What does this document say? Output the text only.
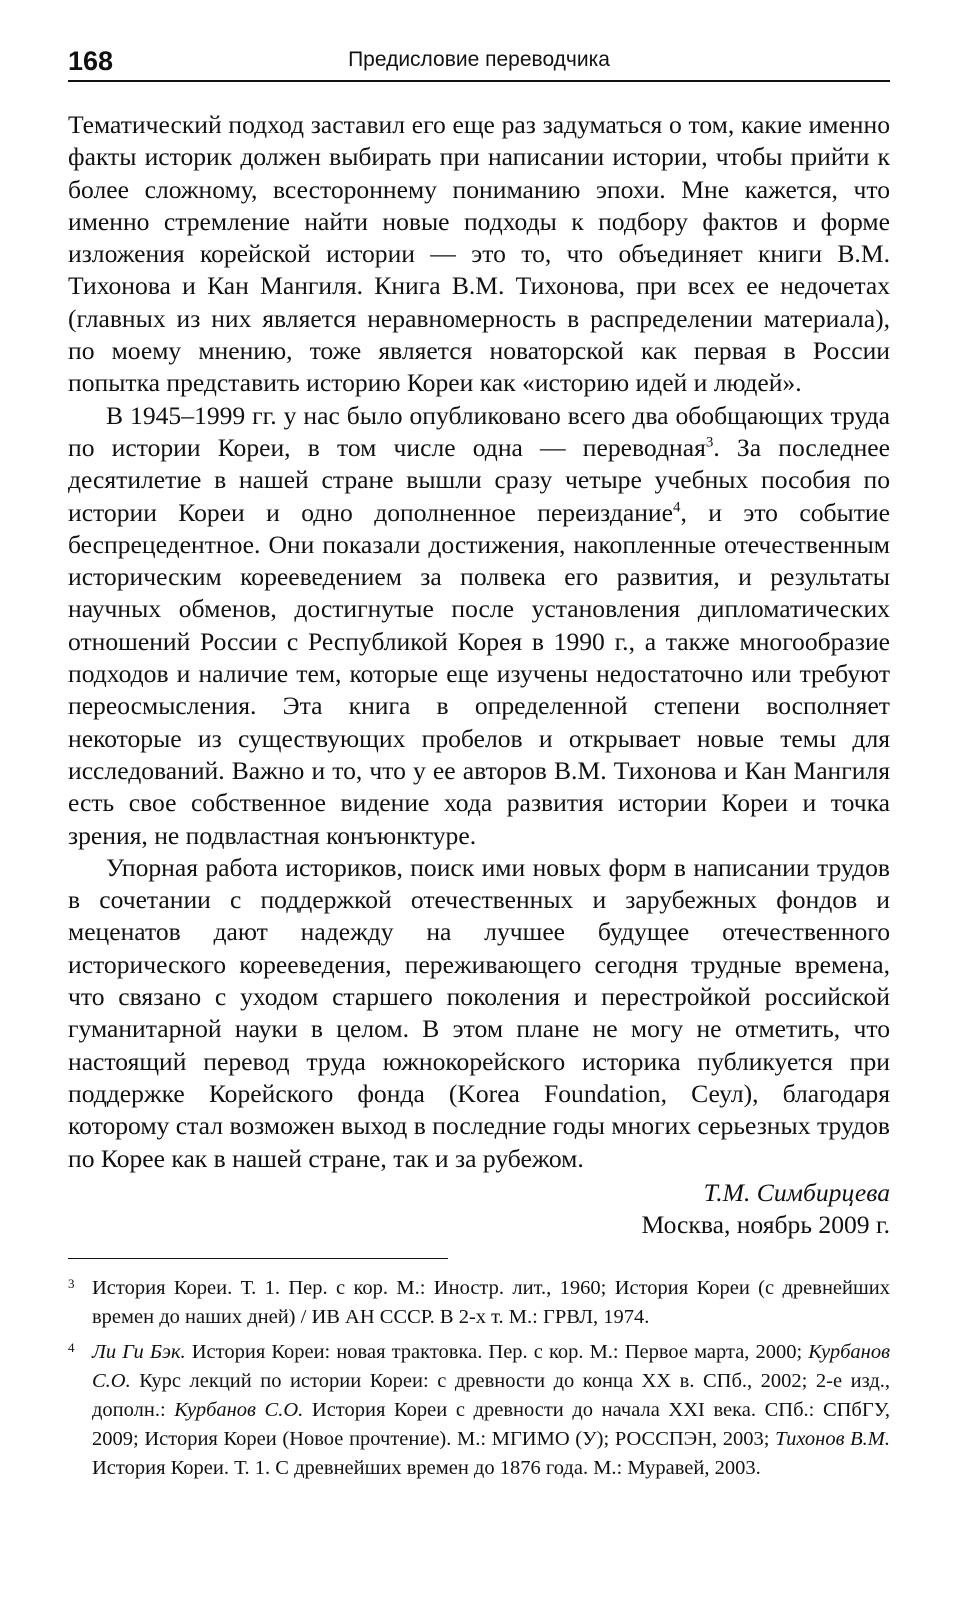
168	Предисловие переводчика

Тематический подход заставил его еще раз задуматься о том, какие именно факты историк должен выбирать при написании истории, чтобы прийти к более сложному, всестороннему пониманию эпохи. Мне кажется, что именно стремление найти новые подходы к подбору фактов и форме изложения корейской истории — это то, что объединяет книги В.М. Тихонова и Кан Мангиля. Книга В.М. Тихонова, при всех ее недочетах (главных из них является неравномерность в распределении материала), по моему мнению, тоже является новаторской как первая в России попытка представить историю Кореи как «историю идей и людей».

В 1945–1999 гг. у нас было опубликовано всего два обобщающих труда по истории Кореи, в том числе одна — переводная$^3$. За последнее десятилетие в нашей стране вышли сразу четыре учебных пособия по истории Кореи и одно дополненное переиздание$^4$, и это событие беспрецедентное. Они показали достижения, накопленные отечественным историческим корееведением за полвека его развития, и результаты научных обменов, достигнутые после установления дипломатических отношений России с Республикой Корея в 1990 г., а также многообразие подходов и наличие тем, которые еще изучены недостаточно или требуют переосмысления. Эта книга в определенной степени восполняет некоторые из существующих пробелов и открывает новые темы для исследований. Важно и то, что у ее авторов В.М. Тихонова и Кан Мангиля есть свое собственное видение хода развития истории Кореи и точка зрения, не подвластная конъюнктуре.

Упорная работа историков, поиск ими новых форм в написании трудов в сочетании с поддержкой отечественных и зарубежных фондов и меценатов дают надежду на лучшее будущее отечественного исторического корееведения, переживающего сегодня трудные времена, что связано с уходом старшего поколения и перестройкой российской гуманитарной науки в целом. В этом плане не могу не отметить, что настоящий перевод труда южнокорейского историка публикуется при поддержке Корейского фонда (Korea Foundation, Сеул), благодаря которому стал возможен выход в последние годы многих серьезных трудов по Корее как в нашей стране, так и за рубежом.

Т.М. Симбирцева
Москва, ноябрь 2009 г.

3 История Кореи. Т. 1. Пер. с кор. М.: Иностр. лит., 1960; История Кореи (с древнейших времен до наших дней) / ИВ АН СССР. В 2-х т. М.: ГРВЛ, 1974.

4 Ли Ги Бэк. История Кореи: новая трактовка. Пер. с кор. М.: Первое марта, 2000; Курбанов С.О. Курс лекций по истории Кореи: с древности до конца XX в. СПб., 2002; 2-е изд., дополн.: Курбанов С.О. История Кореи с древности до начала XXI века. СПб.: СПбГУ, 2009; История Кореи (Новое прочтение). М.: МГИМО (У); РОССПЭН, 2003; Тихонов В.М. История Кореи. Т. 1. С древнейших времен до 1876 года. М.: Муравей, 2003.
